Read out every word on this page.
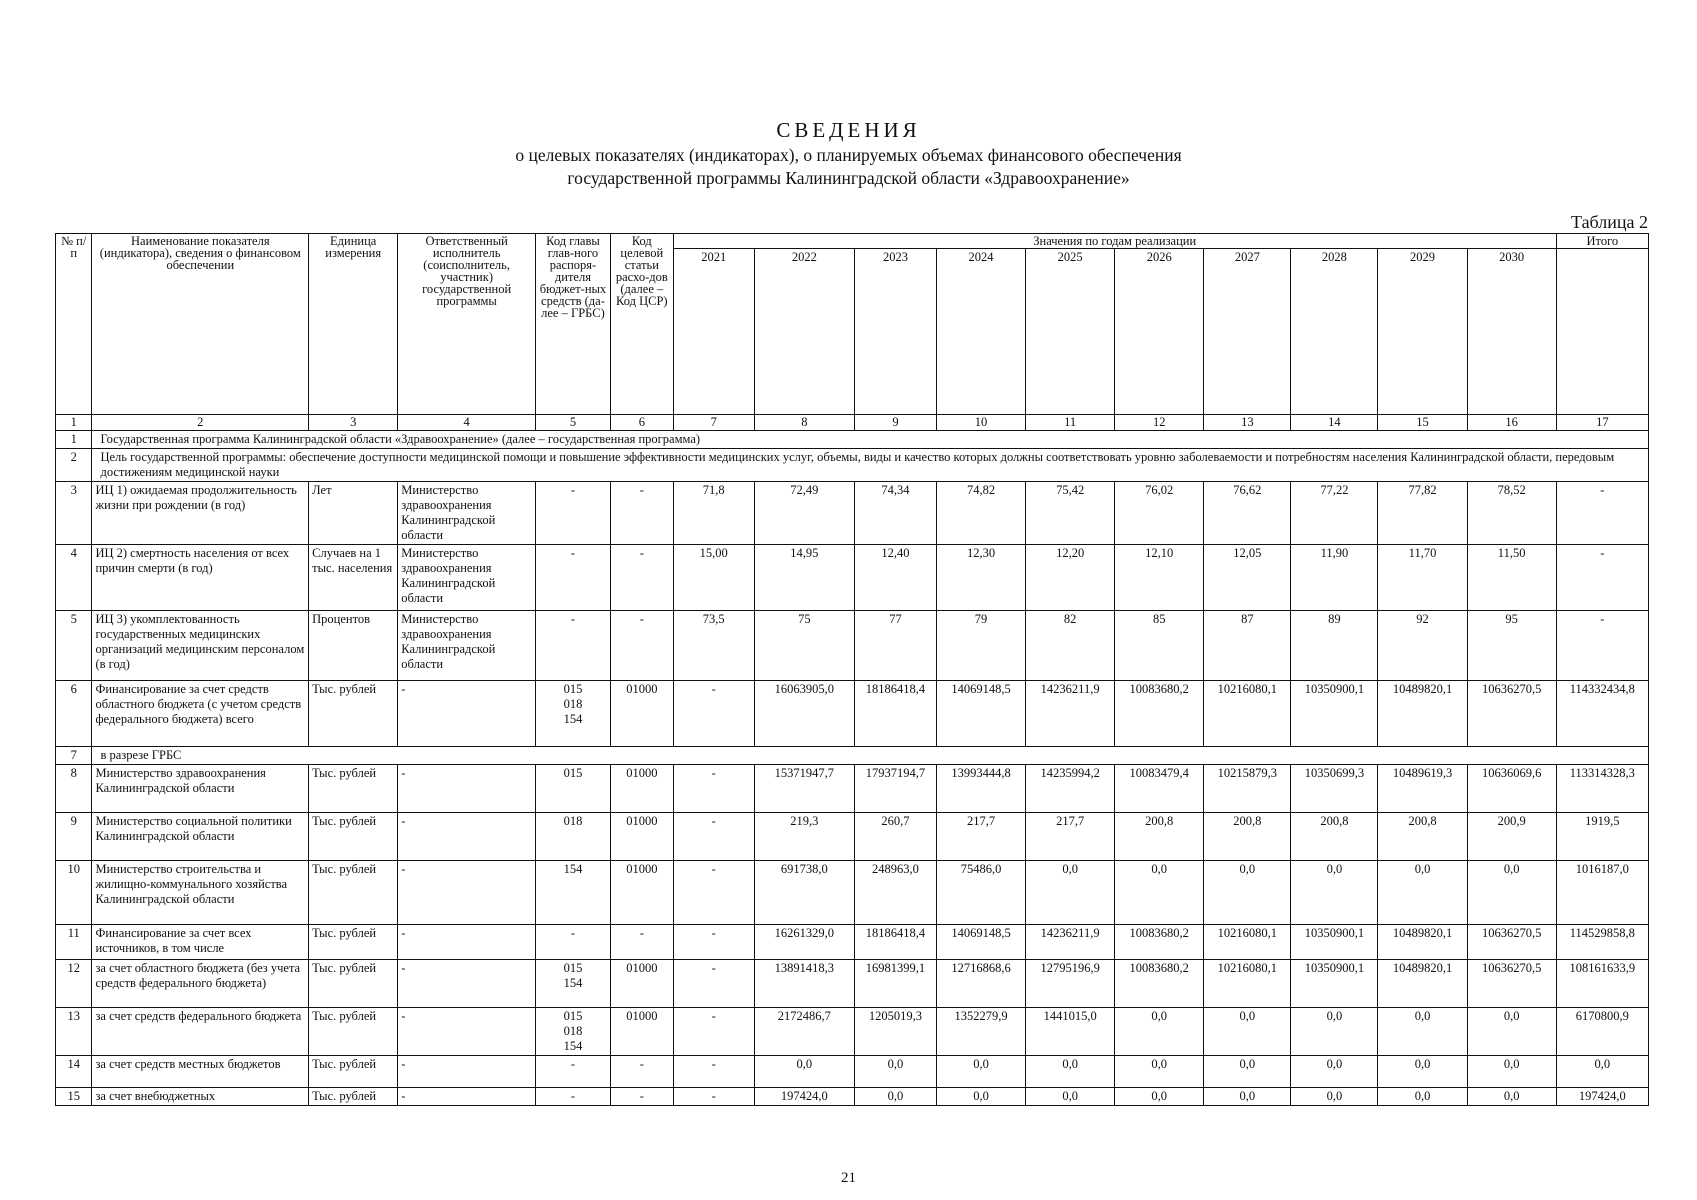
СВЕДЕНИЯ
о целевых показателях (индикаторах), о планируемых объемах финансового обеспечения
государственной программы Калининградской области «Здравоохранение»
Таблица 2
№ п/п	Наименование показателя (индикатора), сведения о финансовом обеспечении	Единица измерения	Ответственный исполнитель (соисполнитель, участник) государственной программы	Код главы глав-ного распоря-дителя бюджет-ных средств (да-лее – ГРБС)	Код целевой статьи расхо-дов (далее – Код ЦСР)	Значения по годам реализации										Итого
						2021	2022	2023	2024	2025	2026	2027	2028	2029	2030	
1	2	3	4	5	6	7	8	9	10	11	12	13	14	15	16	17
1	Государственная программа Калининградской области «Здравоохранение» (далее – государственная программа)															
2	Цель государственной программы: обеспечение доступности медицинской помощи и повышение эффективности медицинских услуг, объемы, виды и качество которых должны соответствовать уровню заболеваемости и потребностям населения Калининградской области, передовым достижениям медицинской науки															
3	ИЦ 1) ожидаемая продолжительность жизни при рождении (в год)	Лет	Министерство здравоохранения Калининградской области	-	-	71,8	72,49	74,34	74,82	75,42	76,02	76,62	77,22	77,82	78,52	-
4	ИЦ 2) смертность населения от всех причин смерти (в год)	Случаев на 1 тыс. населения	Министерство здравоохранения Калининградской области	-	-	15,00	14,95	12,40	12,30	12,20	12,10	12,05	11,90	11,70	11,50	-
5	ИЦ 3) укомплектованность государственных медицинских организаций медицинским персоналом (в год)	Процентов	Министерство здравоохранения Калининградской области	-	-	73,5	75	77	79	82	85	87	89	92	95	-
6	Финансирование за счет средств областного бюджета (с учетом средств федерального бюджета) всего	Тыс. рублей	-	015
018
154	01000	-	16063905,0	18186418,4	14069148,5	14236211,9	10083680,2	10216080,1	10350900,1	10489820,1	10636270,5	114332434,8
7	в разрезе ГРБС															
8	Министерство здравоохранения Калининградской области	Тыс. рублей	-	015	01000	-	15371947,7	17937194,7	13993444,8	14235994,2	10083479,4	10215879,3	10350699,3	10489619,3	10636069,6	113314328,3
9	Министерство социальной политики Калининградской области	Тыс. рублей	-	018	01000	-	219,3	260,7	217,7	217,7	200,8	200,8	200,8	200,8	200,9	1919,5
10	Министерство строительства и жилищно-коммунального хозяйства Калининградской области	Тыс. рублей	-	154	01000	-	691738,0	248963,0	75486,0	0,0	0,0	0,0	0,0	0,0	0,0	1016187,0
11	Финансирование за счет всех источников, в том числе	Тыс. рублей	-	-	-	-	16261329,0	18186418,4	14069148,5	14236211,9	10083680,2	10216080,1	10350900,1	10489820,1	10636270,5	114529858,8
12	за счет областного бюджета (без учета средств федерального бюджета)	Тыс. рублей	-	015
154	01000	-	13891418,3	16981399,1	12716868,6	12795196,9	10083680,2	10216080,1	10350900,1	10489820,1	10636270,5	108161633,9
13	за счет средств федерального бюджета	Тыс. рублей	-	015
018
154	01000	-	2172486,7	1205019,3	1352279,9	1441015,0	0,0	0,0	0,0	0,0	0,0	6170800,9
14	за счет средств местных бюджетов	Тыс. рублей	-	-	-	-	0,0	0,0	0,0	0,0	0,0	0,0	0,0	0,0	0,0	0,0
15	за счет внебюджетных	Тыс. рублей	-	-	-	-	197424,0	0,0	0,0	0,0	0,0	0,0	0,0	0,0	0,0	197424,0
21
